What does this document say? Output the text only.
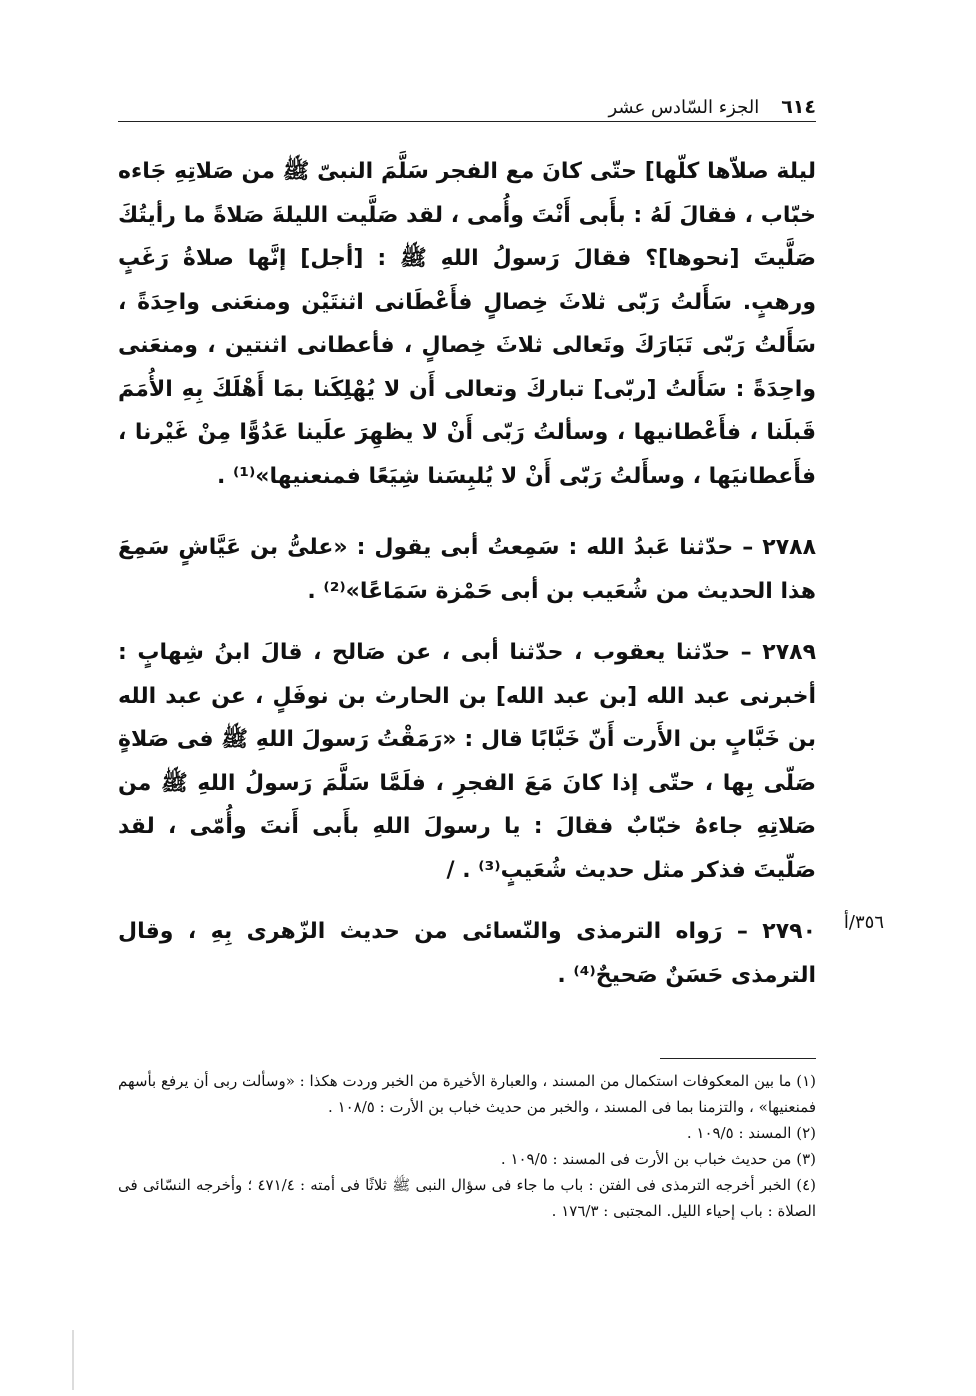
٦١٤
الجزء السّادس عشر

ليلة صلاّها كلّها] حتّى كانَ مع الفجر سَلَّمَ النبىّ ﷺ من صَلاتِهِ جَاءه خبّاب ، فقالَ لَهُ : بأَبى أَنْتَ وأُمى ، لقد صَلَّيت الليلةَ صَلاةً ما رأيتُكَ صَلَّيتَ [نحوها]؟ فقالَ رَسولُ اللهِ ﷺ : [أجل] إنَّها صلاةُ رَغَبٍ ورهبٍ. سَأَلتُ رَبّى ثلاثَ خِصالٍ فأَعْطَانى اثنتَيْن ومنعَنى واحِدَةً ، سَأَلتُ رَبّى تَبَارَكَ وتَعالى ثلاثَ خِصالٍ ، فأعطانى اثنتين ، ومنعَنى واحِدَةً : سَأَلتُ [ربّى] تباركَ وتعالى أَن لا يُهْلِكَنا بمَا أَهْلَكَ بِهِ الأُمَمَ قَبلَنا ، فأَعْطانيها ، وسألتُ رَبّى أَنْ لا يظهِرَ علَينا عَدُوًّا مِنْ غَيْرنا ، فأَعطانيَها ، وسأَلتُ رَبّى أَنْ لا يُلبِسَنا شِيَعًا فمنعنيها»⁽¹⁾ .

٢٧٨٨ – حدّثنا عَبدُ الله : سَمِعتُ أبى يقول : «علىُّ بن عَيَّاشٍ سَمِعَ هذا الحديث من شُعَيب بن أبى حَمْزة سَمَاعًا»⁽²⁾ .

٢٧٨٩ – حدّثنا يعقوب ، حدّثنا أبى ، عن صَالح ، قالَ ابنُ شِهابٍ : أخبرنى عبد الله [بن عبد الله] بن الحارث بن نوفَلٍ ، عن عبد الله بن خَبَّابٍ بن الأَرت أَنّ خَبَّابًا قال : «رَمَقْتُ رَسولَ اللهِ ﷺ فى صَلاةٍ صَلّى بِها ، حتّى إذا كانَ مَعَ الفجرِ ، فلَمَّا سَلَّمَ رَسولُ اللهِ ﷺ من صَلاتِهِ جاءهُ خبّابٌ فقالَ : يا رسولَ اللهِ بأَبى أَنتَ وأُمّى ، لقد صَلّيتَ فذكر مثل حديث شُعَيبٍ⁽³⁾ . /

٢٧٩٠ – رَواه الترمذى والنّسائى من حديث الزّهرى بِهِ ، وقال الترمذى حَسَنٌ صَحيحٌ⁽⁴⁾ .

٣٥٦/أ

(١) ما بين المعكوفات استكمال من المسند ، والعبارة الأخيرة من الخبر وردت هكذا : «وسألت ربى أن يرفع بأسهم فمنعنيها» ، والتزمنا بما فى المسند ، والخبر من حديث خباب بن الأرت : ١٠٨/٥ .

(٢) المسند : ١٠٩/٥ .

(٣) من حديث خباب بن الأرت فى المسند : ١٠٩/٥ .

(٤) الخبر أخرجه الترمذى فى الفتن : باب ما جاء فى سؤال النبى ﷺ ثلاثًا فى أمته : ٤٧١/٤ ؛ وأخرجه النسّائى فى الصلاة : باب إحياء الليل. المجتبى : ١٧٦/٣ .
